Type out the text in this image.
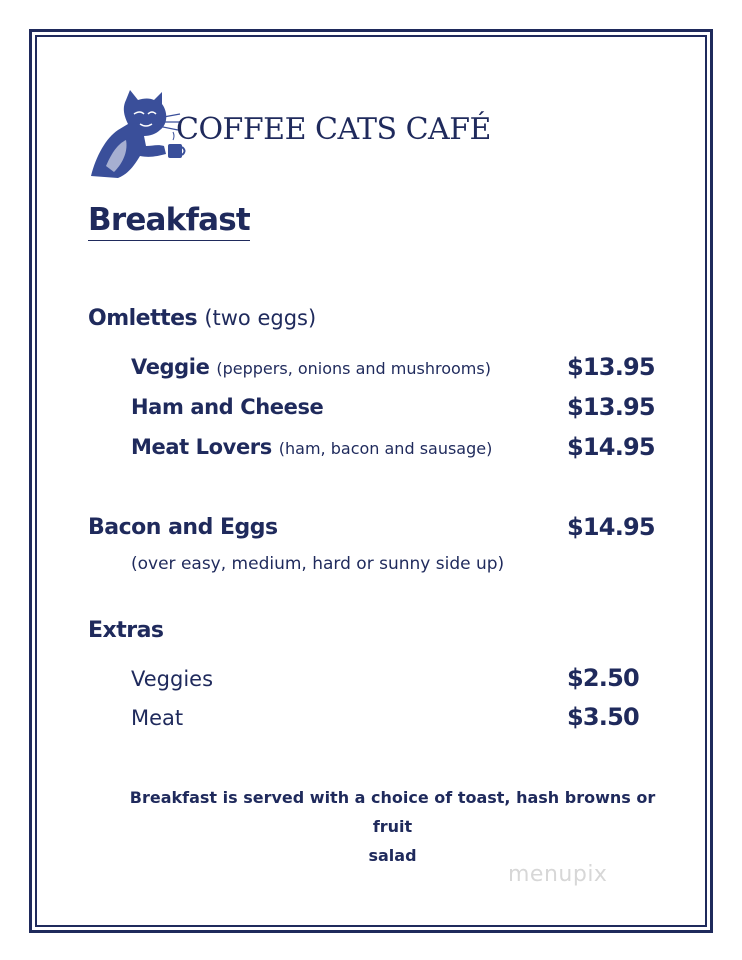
COFFEE CATS CAFÉ
Breakfast
Omlettes (two eggs)
Veggie (peppers, onions and mushrooms)	$13.95
Ham and Cheese	$13.95
Meat Lovers (ham, bacon and sausage)	$14.95
Bacon and Eggs	$14.95
(over easy, medium, hard or sunny side up)
Extras
Veggies	$2.50
Meat	$3.50
Breakfast is served with a choice of toast, hash browns or fruit
salad
menupix
